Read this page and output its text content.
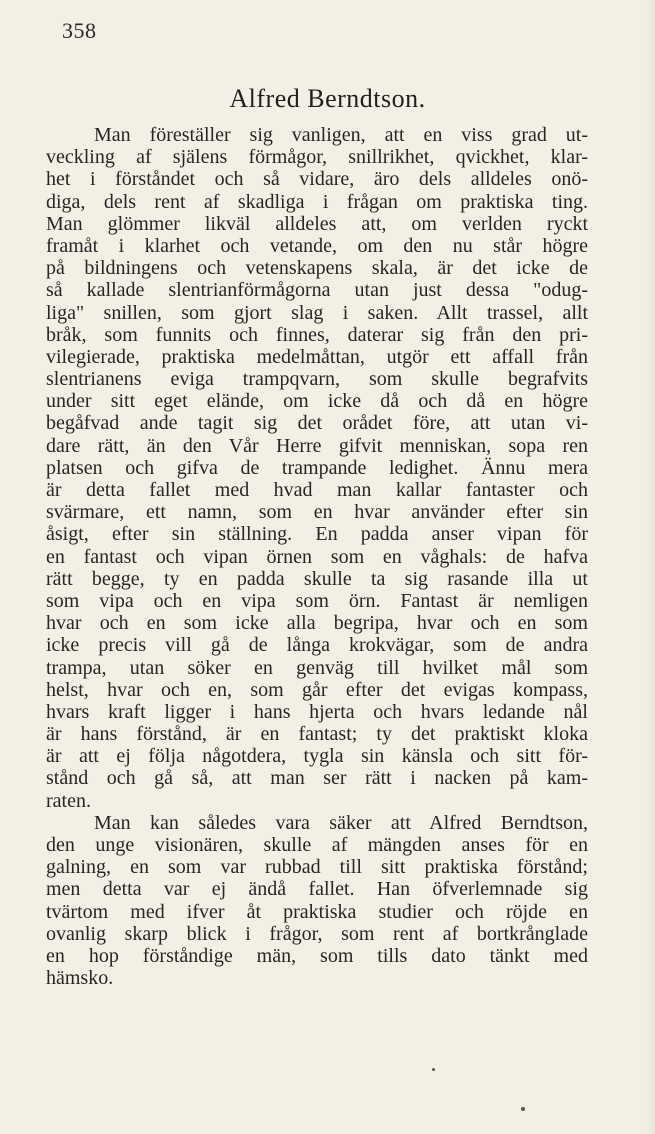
358
Alfred Berndtson.
Man föreställer sig vanligen, att en viss grad ut-
veckling af själens förmågor, snillrikhet, qvickhet, klar-
het i förståndet och så vidare, äro dels alldeles onö-
diga, dels rent af skadliga i frågan om praktiska ting.
Man glömmer likväl alldeles att, om verlden ryckt
framåt i klarhet och vetande, om den nu står högre
på bildningens och vetenskapens skala, är det icke de
så kallade slentrianförmågorna utan just dessa "odug-
liga" snillen, som gjort slag i saken. Allt trassel, allt
bråk, som funnits och finnes, daterar sig från den pri-
vilegierade, praktiska medelmåttan, utgör ett affall från
slentrianens eviga trampqvarn, som skulle begrafvits
under sitt eget elände, om icke då och då en högre
begåfvad ande tagit sig det orådet före, att utan vi-
dare rätt, än den Vår Herre gifvit menniskan, sopa ren
platsen och gifva de trampande ledighet. Ännu mera
är detta fallet med hvad man kallar fantaster och
svärmare, ett namn, som en hvar använder efter sin
åsigt, efter sin ställning. En padda anser vipan för
en fantast och vipan örnen som en våghals: de hafva
rätt begge, ty en padda skulle ta sig rasande illa ut
som vipa och en vipa som örn. Fantast är nemligen
hvar och en som icke alla begripa, hvar och en som
icke precis vill gå de långa krokvägar, som de andra
trampa, utan söker en genväg till hvilket mål som
helst, hvar och en, som går efter det evigas kompass,
hvars kraft ligger i hans hjerta och hvars ledande nål
är hans förstånd, är en fantast; ty det praktiskt kloka
är att ej följa någotdera, tygla sin känsla och sitt för-
stånd och gå så, att man ser rätt i nacken på kam-
raten.
Man kan således vara säker att Alfred Berndtson,
den unge visionären, skulle af mängden anses för en
galning, en som var rubbad till sitt praktiska förstånd;
men detta var ej ändå fallet. Han öfverlemnade sig
tvärtom med ifver åt praktiska studier och röjde en
ovanlig skarp blick i frågor, som rent af bortkrånglade
en hop förståndige män, som tills dato tänkt med
hämsko.
